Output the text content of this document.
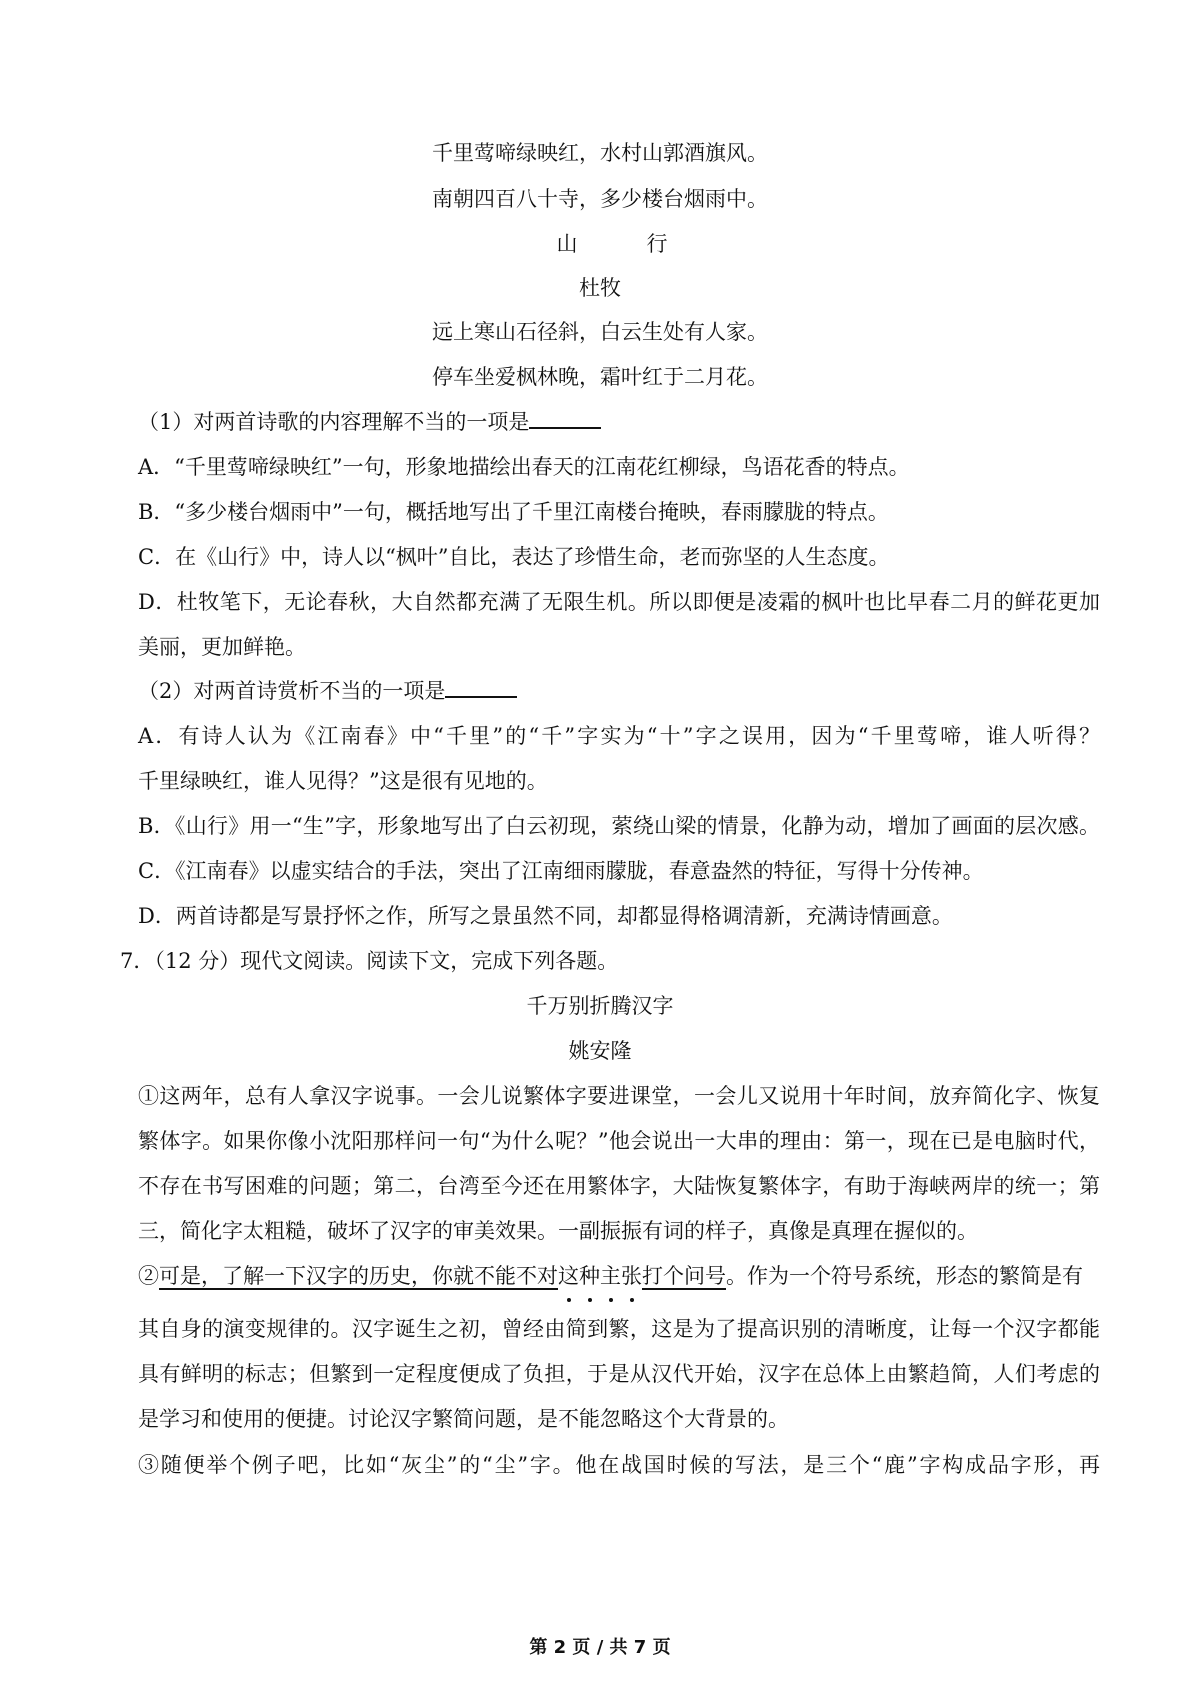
千里莺啼绿映红，水村山郭酒旗风。
南朝四百八十寺，多少楼台烟雨中。
山　行
杜牧
远上寒山石径斜，白云生处有人家。
停车坐爱枫林晚，霜叶红于二月花。
（1）对两首诗歌的内容理解不当的一项是
A．“千里莺啼绿映红”一句，形象地描绘出春天的江南花红柳绿，鸟语花香的特点。
B．“多少楼台烟雨中”一句，概括地写出了千里江南楼台掩映，春雨朦胧的特点。
C．在《山行》中，诗人以“枫叶”自比，表达了珍惜生命，老而弥坚的人生态度。
D．杜牧笔下，无论春秋，大自然都充满了无限生机。所以即便是凌霜的枫叶也比早春二月的鲜花更加
美丽，更加鲜艳。
（2）对两首诗赏析不当的一项是
A．有诗人认为《江南春》中“千里”的“千”字实为“十”字之误用，因为“千里莺啼，谁人听得？
千里绿映红，谁人见得？”这是很有见地的。
B．《山行》用一“生”字，形象地写出了白云初现，萦绕山梁的情景，化静为动，增加了画面的层次感。
C．《江南春》以虚实结合的手法，突出了江南细雨朦胧，春意盎然的特征，写得十分传神。
D．两首诗都是写景抒怀之作，所写之景虽然不同，却都显得格调清新，充满诗情画意。
7．（12 分）现代文阅读。阅读下文，完成下列各题。
千万别折腾汉字
姚安隆
①这两年，总有人拿汉字说事。一会儿说繁体字要进课堂，一会儿又说用十年时间，放弃简化字、恢复
繁体字。如果你像小沈阳那样问一句“为什么呢？”他会说出一大串的理由：第一，现在已是电脑时代，
不存在书写困难的问题；第二，台湾至今还在用繁体字，大陆恢复繁体字，有助于海峡两岸的统一；第
三，简化字太粗糙，破坏了汉字的审美效果。一副振振有词的样子，真像是真理在握似的。
②可是，了解一下汉字的历史，你就不能不对这种主张
打个问号。作为一个符号系统，形态的繁简是有
其自身的演变规律的。汉字诞生之初，曾经由简到繁，这是为了提高识别的清晰度，让每一个汉字都能
具有鲜明的标志；但繁到一定程度便成了负担，于是从汉代开始，汉字在总体上由繁趋简，人们考虑的
是学习和使用的便捷。讨论汉字繁简问题，是不能忽略这个大背景的。
③随便举个例子吧，比如“灰尘”的“尘”字。他在战国时候的写法，是三个“鹿”字构成品字形，再
第 2 页 / 共 7 页
